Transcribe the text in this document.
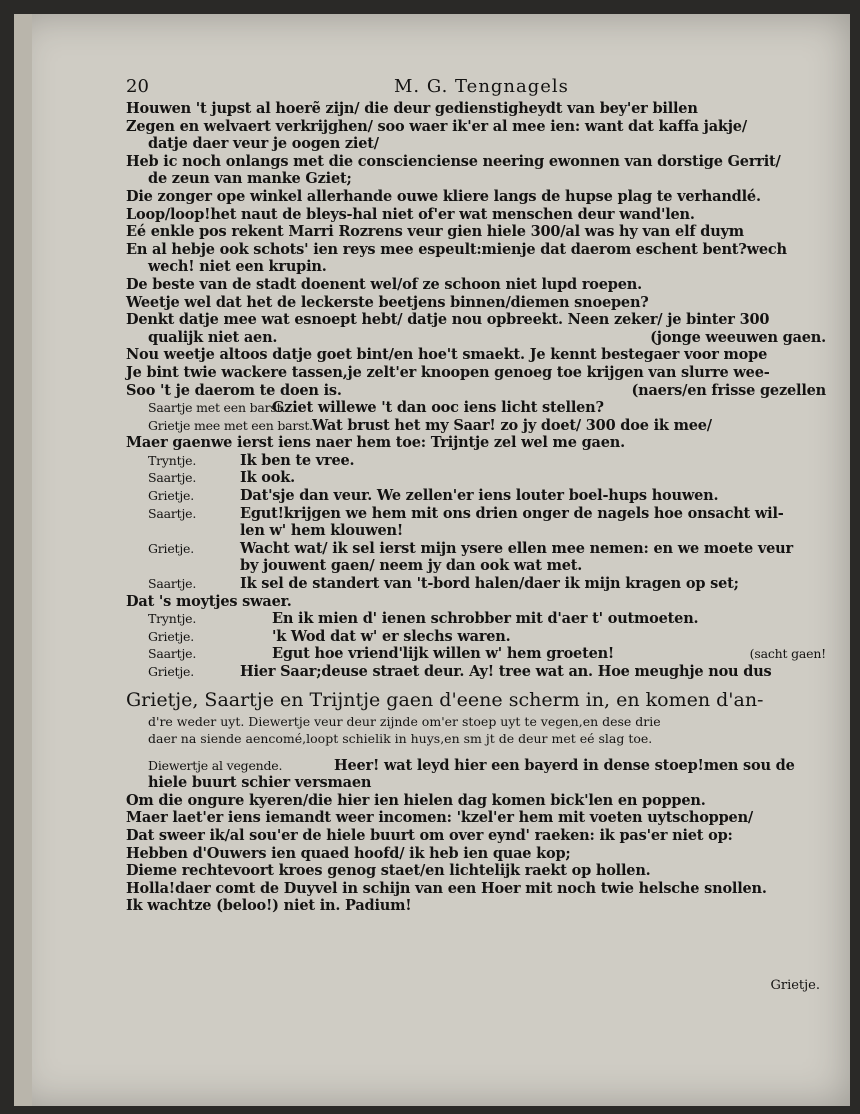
20	M. G. Tengnagels
Houwen 't jupst al hoerẽ zijn/ die deur gedienstigheydt van bey'er billen
Zegen en welvaert verkrijghen/ soo waer ik'er al mee ien: want dat kaffa jakje/
datje daer veur je oogen ziet/
Heb ic noch onlangs met die conscienciense neering ewonnen van dorstige Gerrit/
de zeun van manke Gziet;
Die zonger ope winkel allerhande ouwe kliere langs de hupse plag te verhandlé.
Loop/loop!het naut de bleys-hal niet of'er wat menschen deur wand'len.
Eé enkle pos rekent Marri Rozrens veur gien hiele 300/al was hy van elf duym
En al hebje ook schots' ien reys mee espeult:mienje dat daerom eschent bent?wech
wech! niet een krupin.
De beste van de stadt doenent wel/of ze schoon niet lupd roepen.
Weetje wel dat het de leckerste beetjens binnen/diemen snoepen?
Denkt datje mee wat esnoept hebt/ datje nou opbreekt. Neen zeker/ je binter 300
qualijk niet aen.	(jonge weeuwen gaen.
Nou weetje altoos datje goet bint/en hoe't smaekt. Je kennt bestegaer voor mope
Je bint twie wackere tassen,je zelt'er knoopen genoeg toe krijgen van slurre wee-
Soo 't je daerom te doen is.	(naers/en frisse gezellen
Saartje met een barst.Gziet willewe 't dan ooc iens licht stellen?
Grietje mee met een barst.Wat brust het my Saar! zo jy doet/ 300 doe ik mee/
Maer gaenwe ierst iens naer hem toe: Trijntje zel wel me gaen.
Tryntje.	Ik ben te vree.
Saartje.	Ik ook.
Grietje.	Dat'sje dan veur. We zellen'er iens louter boel-hups houwen.
Saartje.	Egut!krijgen we hem mit ons drien onger de nagels hoe onsacht wil-
len w' hem klouwen!
Grietje.	Wacht wat/ ik sel ierst mijn ysere ellen mee nemen: en we moete veur
by jouwent gaen/ neem jy dan ook wat met.
Saartje.	Ik sel de standert van 't-bord halen/daer ik mijn kragen op set;
Dat 's moytjes swaer.
Tryntje.	En ik mien d' ienen schrobber mit d'aer t' outmoeten.
Grietje.	'k Wod dat w' er slechs waren.
Saartje.	Egut hoe vriend'lijk willen w' hem groeten!	(sacht gaen!
Grietje.	Hier Saar;deuse straet deur. Ay! tree wat an. Hoe meughje nou dus
Grietje, Saartje en Trijntje gaen d'eene scherm in, en komen d'an-
d're weder uyt. Diewertje veur deur zijnde om'er stoep uyt te vegen,en dese drie
daer na siende aencomé,loopt schielik in huys,en sm jt de deur met eé slag toe.
Diewertje al vegende.	Heer! wat leyd hier een bayerd in dense stoep!men sou de
hiele buurt schier versmaen
Om die ongure kyeren/die hier ien hielen dag komen bick'len en poppen.
Maer laet'er iens iemandt weer incomen: 'kzel'er hem mit voeten uytschoppen/
Dat sweer ik/al sou'er de hiele buurt om over eynd' raeken: ik pas'er niet op:
Hebben d'Ouwers ien quaed hoofd/ ik heb ien quae kop;
Dieme rechtevoort kroes genog staet/en lichtelijk raekt op hollen.
Holla!daer comt de Duyvel in schijn van een Hoer mit noch twie helsche snollen.
Ik wachtze (beloo!) niet in. Padium!
Grietje.
